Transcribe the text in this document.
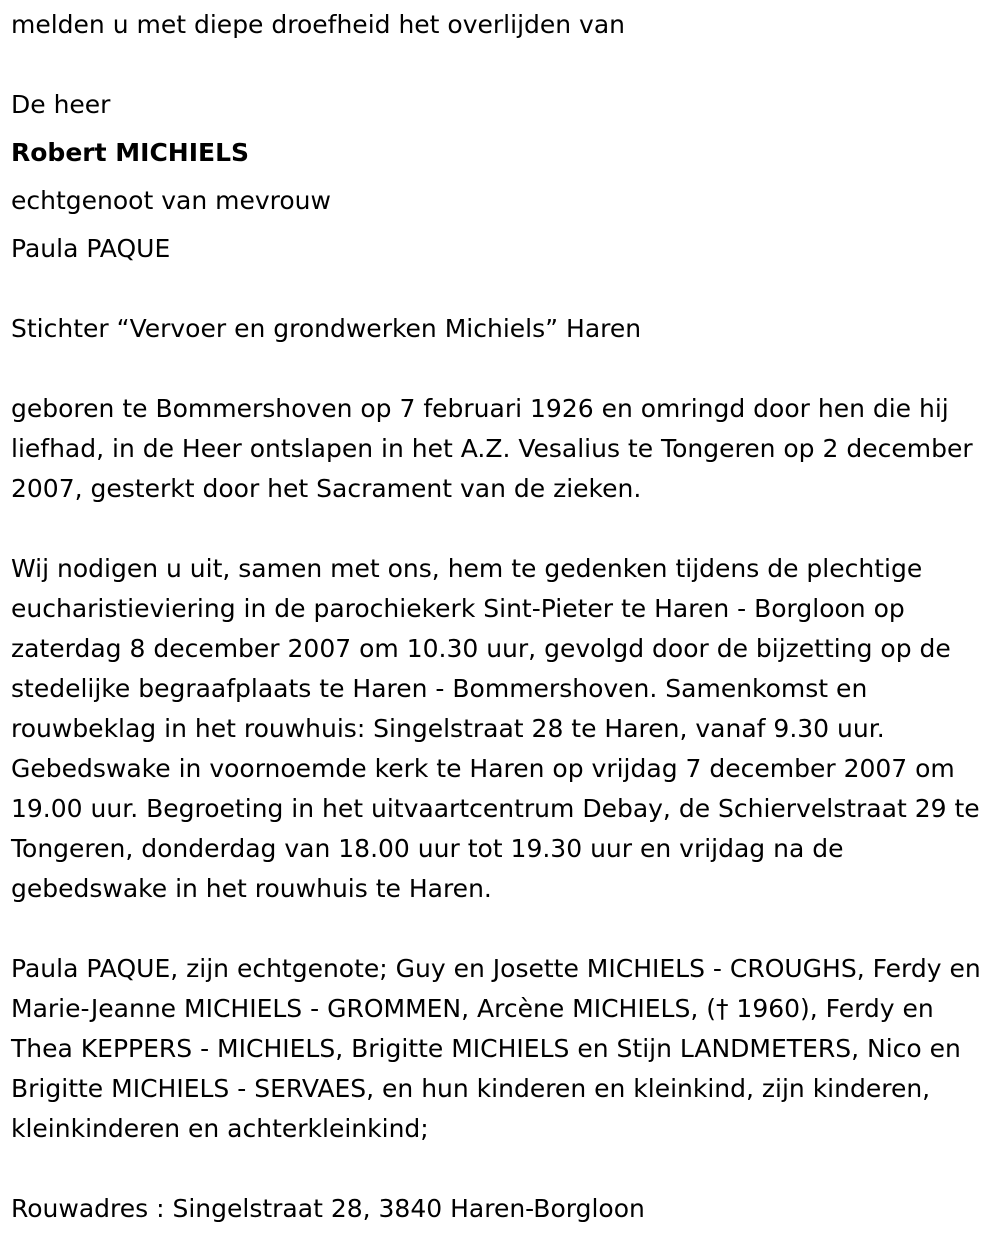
melden u met diepe droefheid het overlijden van
De heer
Robert MICHIELS
echtgenoot van mevrouw
Paula PAQUE
Stichter “Vervoer en grondwerken Michiels” Haren
geboren te Bommershoven op 7 februari 1926 en omringd door hen die hij liefhad, in de Heer ontslapen in het A.Z. Vesalius te Tongeren op 2 december 2007, gesterkt door het Sacrament van de zieken.
Wij nodigen u uit, samen met ons, hem te gedenken tijdens de plechtige eucharistieviering in de parochiekerk Sint-Pieter te Haren - Borgloon op zaterdag 8 december 2007 om 10.30 uur, gevolgd door de bijzetting op de stedelijke begraafplaats te Haren - Bommershoven. Samenkomst en rouwbeklag in het rouwhuis: Singelstraat 28 te Haren, vanaf 9.30 uur. Gebedswake in voornoemde kerk te Haren op vrijdag 7 december 2007 om 19.00 uur. Begroeting in het uitvaartcentrum Debay, de Schiervelstraat 29 te Tongeren, donderdag van 18.00 uur tot 19.30 uur en vrijdag na de gebedswake in het rouwhuis te Haren.
Paula PAQUE, zijn echtgenote; Guy en Josette MICHIELS - CROUGHS, Ferdy en Marie-Jeanne MICHIELS - GROMMEN, Arcène MICHIELS, († 1960), Ferdy en Thea KEPPERS - MICHIELS, Brigitte MICHIELS en Stijn LANDMETERS, Nico en Brigitte MICHIELS - SERVAES, en hun kinderen en kleinkind, zijn kinderen, kleinkinderen en achterkleinkind;
Rouwadres : Singelstraat 28, 3840 Haren-Borgloon
